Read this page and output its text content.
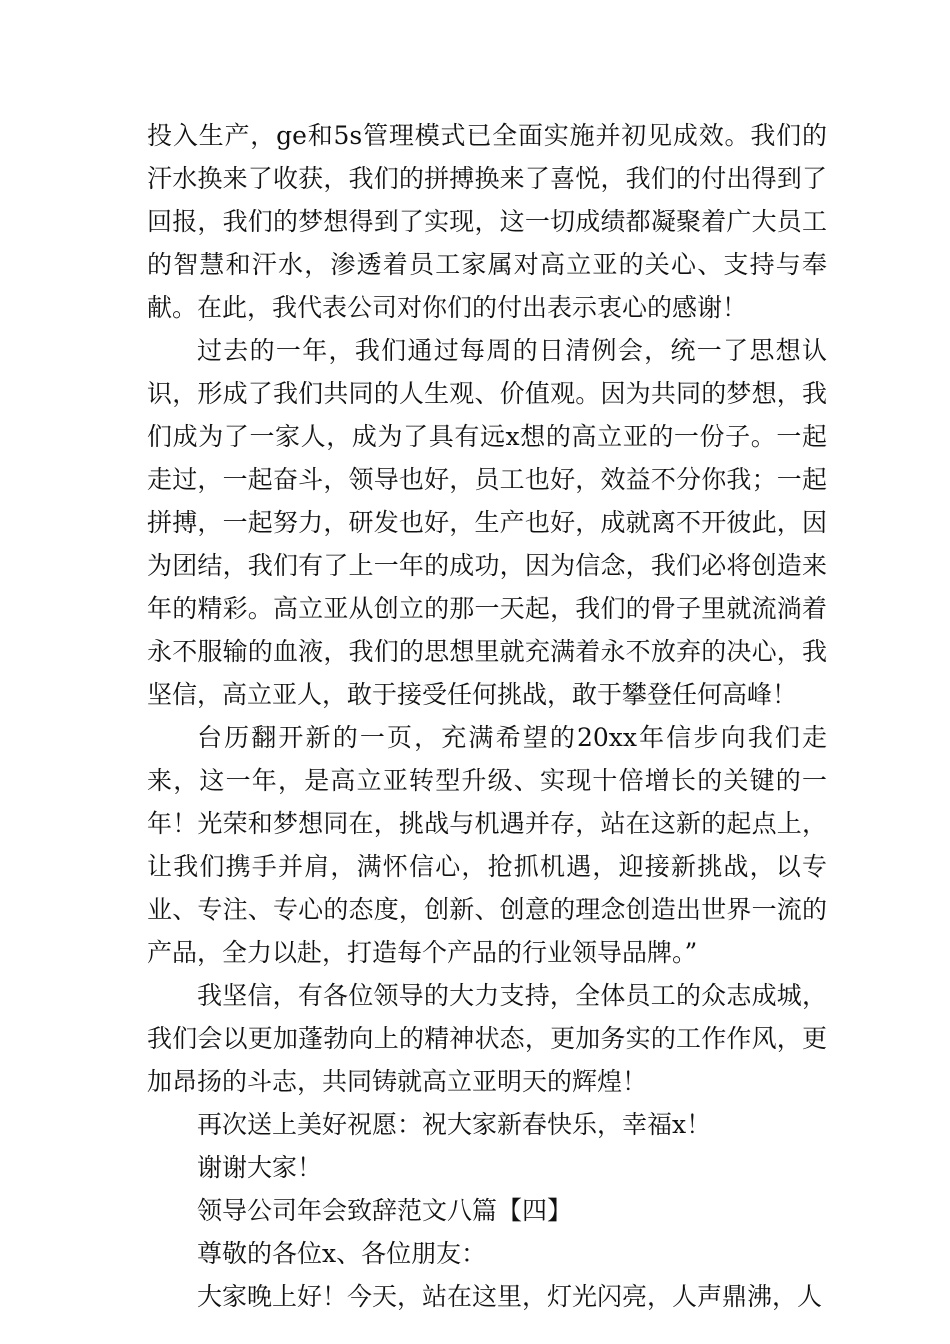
投入生产，ge和5s管理模式已全面实施并初见成效。我们的汗水换来了收获，我们的拼搏换来了喜悦，我们的付出得到了回报，我们的梦想得到了实现，这一切成绩都凝聚着广大员工的智慧和汗水，渗透着员工家属对高立亚的关心、支持与奉献。在此，我代表公司对你们的付出表示衷心的感谢！

过去的一年，我们通过每周的日清例会，统一了思想认识，形成了我们共同的人生观、价值观。因为共同的梦想，我们成为了一家人，成为了具有远x想的高立亚的一份子。一起走过，一起奋斗，领导也好，员工也好，效益不分你我；一起拼搏，一起努力，研发也好，生产也好，成就离不开彼此，因为团结，我们有了上一年的成功，因为信念，我们必将创造来年的精彩。高立亚从创立的那一天起，我们的骨子里就流淌着永不服输的血液，我们的思想里就充满着永不放弃的决心，我坚信，高立亚人，敢于接受任何挑战，敢于攀登任何高峰！

台历翻开新的一页，充满希望的20xx年信步向我们走来，这一年，是高立亚转型升级、实现十倍增长的关键的一年！光荣和梦想同在，挑战与机遇并存，站在这新的起点上，让我们携手并肩，满怀信心，抢抓机遇，迎接新挑战，以专业、专注、专心的态度，创新、创意的理念创造出世界一流的产品，全力以赴，打造每个产品的行业领导品牌。”

我坚信，有各位领导的大力支持，全体员工的众志成城，我们会以更加蓬勃向上的精神状态，更加务实的工作作风，更加昂扬的斗志，共同铸就高立亚明天的辉煌！

再次送上美好祝愿：祝大家新春快乐，幸福x！

谢谢大家！

领导公司年会致辞范文八篇【四】

尊敬的各位x、各位朋友：

大家晚上好！今天，站在这里，灯光闪亮，人声鼎沸，人
